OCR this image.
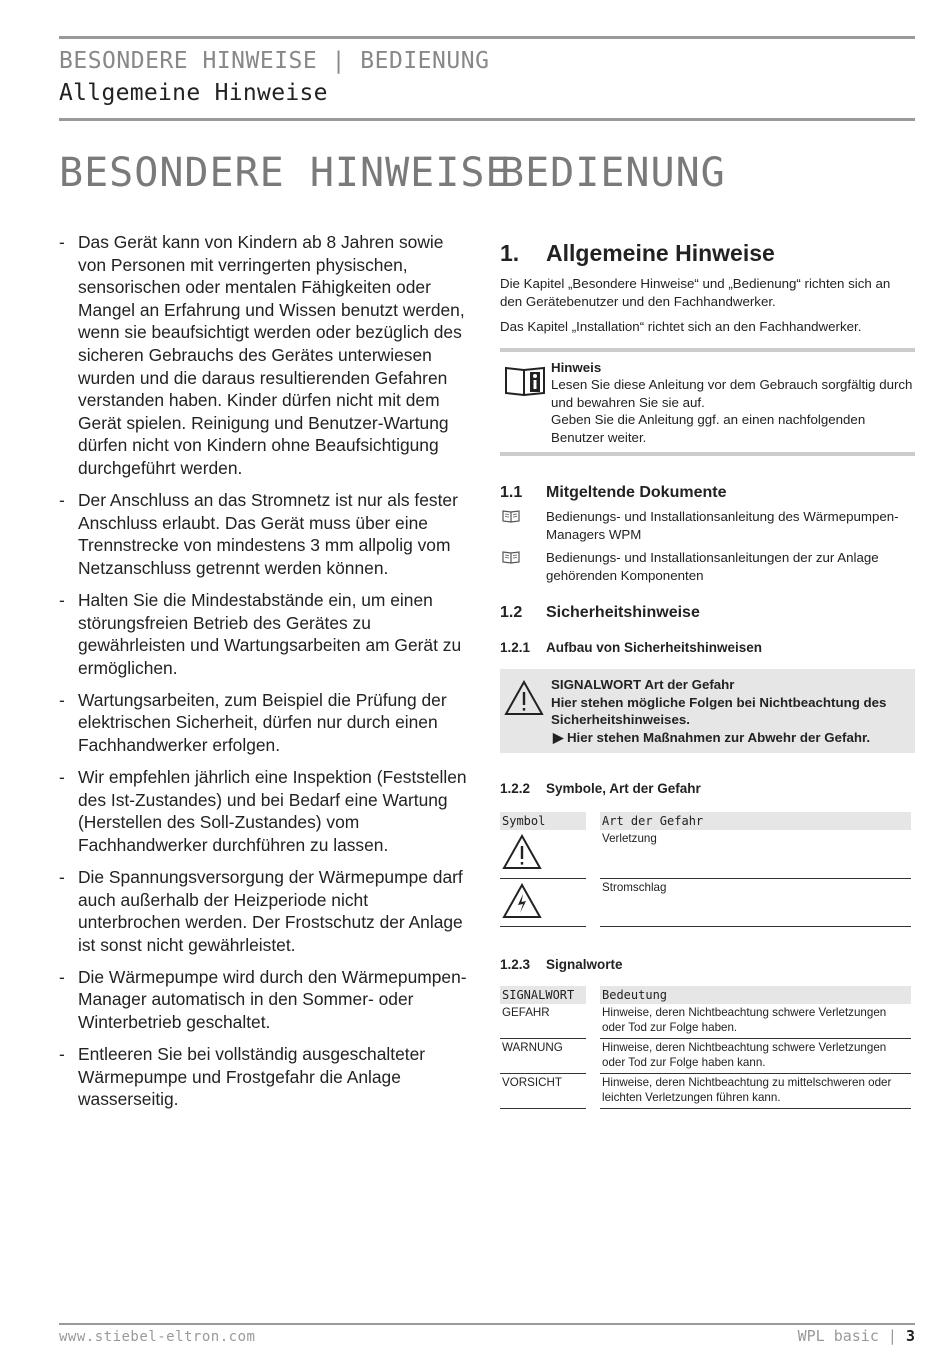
BESONDERE HINWEISE | BEDIENUNG
Allgemeine Hinweise
BESONDERE HINWEISE
BEDIENUNG
- Das Gerät kann von Kindern ab 8 Jahren sowie von Personen mit verringerten physischen, sensorischen oder mentalen Fähigkeiten oder Mangel an Erfahrung und Wissen benutzt werden, wenn sie beaufsichtigt werden oder bezüglich des sicheren Gebrauchs des Gerätes unterwiesen wurden und die daraus resultierenden Gefahren verstanden haben. Kinder dürfen nicht mit dem Gerät spielen. Reinigung und Benutzer-Wartung dürfen nicht von Kindern ohne Beaufsichtigung durchgeführt werden.
- Der Anschluss an das Stromnetz ist nur als fester Anschluss erlaubt. Das Gerät muss über eine Trennstrecke von mindestens 3 mm allpolig vom Netzanschluss getrennt werden können.
- Halten Sie die Mindestabstände ein, um einen störungsfreien Betrieb des Gerätes zu gewährleisten und Wartungsarbeiten am Gerät zu ermöglichen.
- Wartungsarbeiten, zum Beispiel die Prüfung der elektrischen Sicherheit, dürfen nur durch einen Fachhandwerker erfolgen.
- Wir empfehlen jährlich eine Inspektion (Feststellen des Ist-Zustandes) und bei Bedarf eine Wartung (Herstellen des Soll-Zustandes) vom Fachhandwerker durchführen zu lassen.
- Die Spannungsversorgung der Wärmepumpe darf auch außerhalb der Heizperiode nicht unterbrochen werden. Der Frostschutz der Anlage ist sonst nicht gewährleistet.
- Die Wärmepumpe wird durch den Wärmepumpen-Manager automatisch in den Sommer- oder Winterbetrieb geschaltet.
- Entleeren Sie bei vollständig ausgeschalteter Wärmepumpe und Frostgefahr die Anlage wasserseitig.
1. Allgemeine Hinweise
Die Kapitel „Besondere Hinweise“ und „Bedienung“ richten sich an den Gerätebenutzer und den Fachhandwerker.
Das Kapitel „Installation“ richtet sich an den Fachhandwerker.
Hinweis
Lesen Sie diese Anleitung vor dem Gebrauch sorgfältig durch und bewahren Sie sie auf.
Geben Sie die Anleitung ggf. an einen nachfolgenden Benutzer weiter.
1.1 Mitgeltende Dokumente
Bedienungs- und Installationsanleitung des Wärmepumpen-Managers WPM
Bedienungs- und Installationsanleitungen der zur Anlage gehörenden Komponenten
1.2 Sicherheitshinweise
1.2.1 Aufbau von Sicherheitshinweisen
SIGNALWORT Art der Gefahr
Hier stehen mögliche Folgen bei Nichtbeachtung des Sicherheitshinweises.
▶ Hier stehen Maßnahmen zur Abwehr der Gefahr.
1.2.2 Symbole, Art der Gefahr
Symbol		Art der Gefahr
		Verletzung
		Stromschlag
1.2.3 Signalworte
SIGNALWORT		Bedeutung
GEFAHR		Hinweise, deren Nichtbeachtung schwere Verletzungen oder Tod zur Folge haben.
WARNUNG		Hinweise, deren Nichtbeachtung schwere Verletzungen oder Tod zur Folge haben kann.
VORSICHT		Hinweise, deren Nichtbeachtung zu mittelschweren oder leichten Verletzungen führen kann.
www.stiebel-eltron.com	WPL basic | 3
